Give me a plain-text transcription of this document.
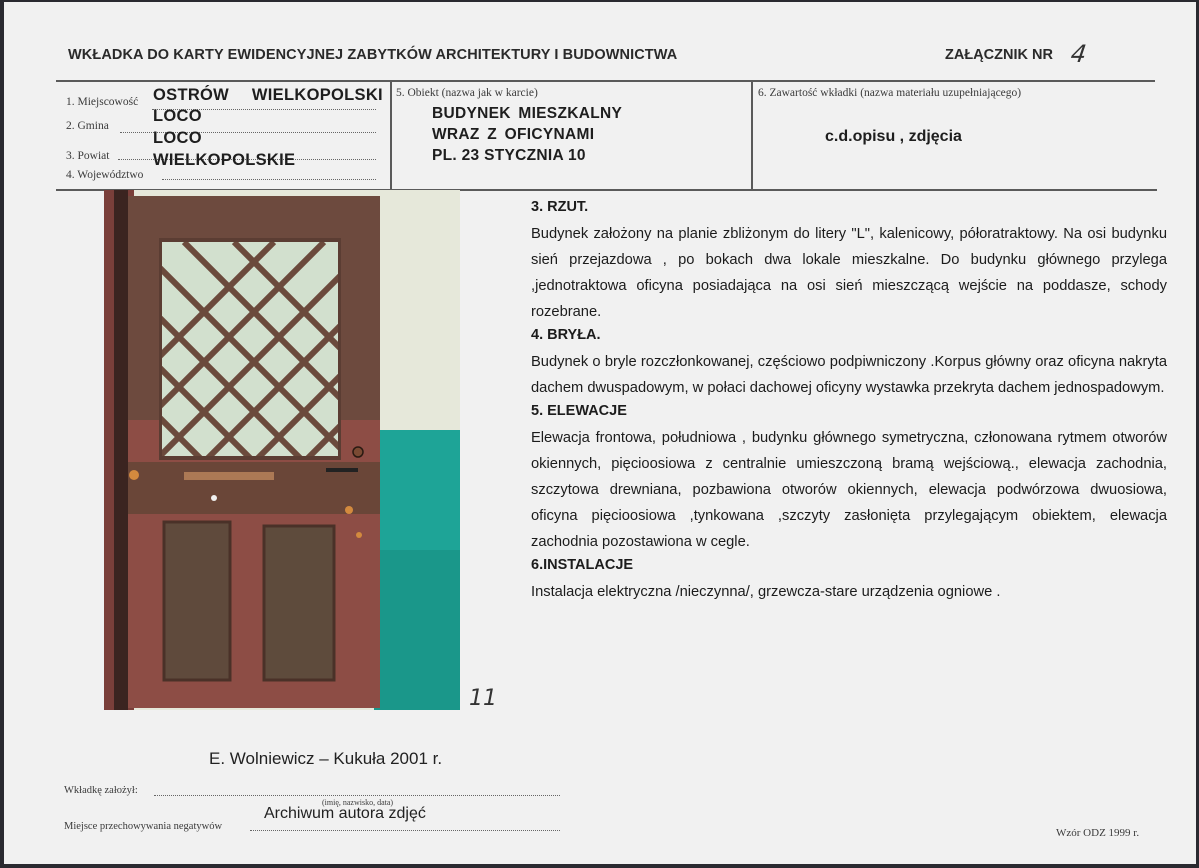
WKŁADKA DO KARTY EWIDENCYJNEJ ZABYTKÓW ARCHITEKTURY I BUDOWNICTWA	ZAŁĄCZNIK NR 4
1. Miejscowość OSTRÓW WIELKOPOLSKI
2. Gmina
LOCO
3. Powiat
LOCO
4. Województwo
WIELKOPOLSKIE
5. Obiekt (nazwa jak w karcie)
BUDYNEK MIESZKALNY
WRAZ Z OFICYNAMI
PL. 23 STYCZNIA 10
6. Zawartość wkładki (nazwa materiału uzupełniającego)
c.d.opisu , zdjęcia
11
E. Wolniewicz – Kukuła 2001 r.
3. RZUT.
Budynek założony na planie zbliżonym do litery "L", kalenicowy, półoratraktowy. Na osi budynku sień przejazdowa , po bokach dwa lokale mieszkalne. Do budynku głównego przylega ,jednotraktowa oficyna posiadająca na osi sień mieszczącą wejście na poddasze, schody rozebrane.
4. BRYŁA.
Budynek o bryle rozczłonkowanej, częściowo podpiwniczony .Korpus główny oraz oficyna nakryta dachem dwuspadowym, w połaci dachowej oficyny wystawka przekryta dachem jednospadowym.
5. ELEWACJE
Elewacja frontowa, południowa , budynku głównego symetryczna, członowana rytmem otworów okiennych, pięcioosiowa z centralnie umieszczoną bramą wejściową., elewacja zachodnia, szczytowa drewniana, pozbawiona otworów okiennych, elewacja podwórzowa dwuosiowa, oficyna pięcioosiowa ,tynkowana ,szczyty zasłonięta przylegającym obiektem, elewacja zachodnia pozostawiona w cegle.
6.INSTALACJE
Instalacja elektryczna /nieczynna/, grzewcza-stare urządzenia ogniowe .
Wkładkę założył:
(imię, nazwisko, data)
Miejsce przechowywania negatywów
Archiwum autora zdjęć
Wzór ODZ 1999 r.
